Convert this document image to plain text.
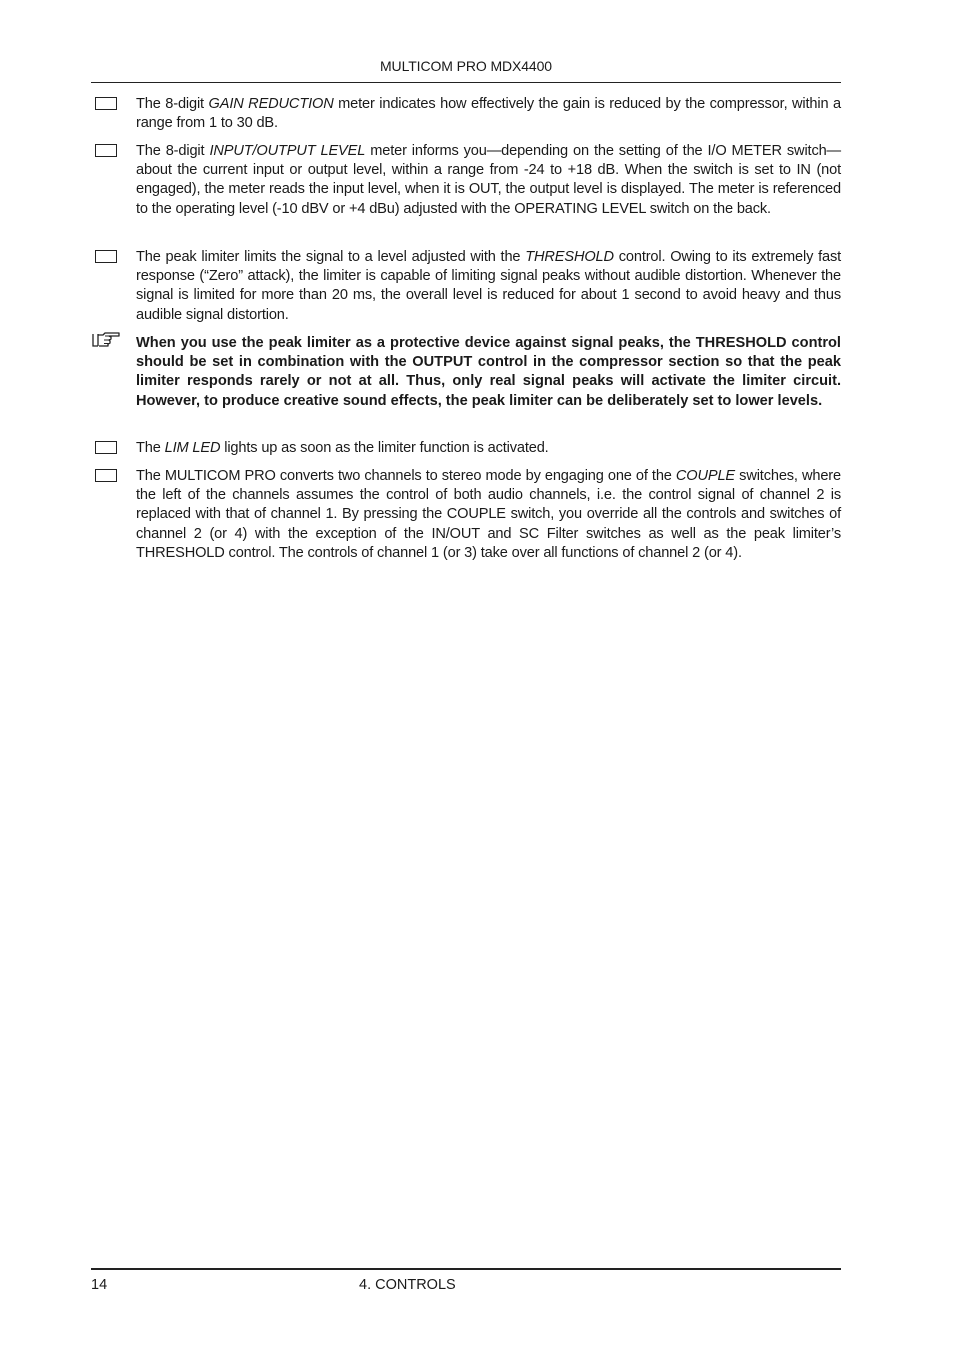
MULTICOM PRO MDX4400
The 8-digit GAIN REDUCTION meter indicates how effectively the gain is reduced by the compressor, within a range from 1 to 30 dB.
The 8-digit INPUT/OUTPUT LEVEL meter informs you—depending on the setting of the I/O METER switch—about the current input or output level, within a range from -24 to +18 dB. When the switch is set to IN (not engaged), the meter reads the input level, when it is OUT, the output level is displayed. The meter is referenced to the operating level (-10 dBV or +4 dBu) adjusted with the OPERATING LEVEL switch on the back.
The peak limiter limits the signal to a level adjusted with the THRESHOLD control. Owing to its extremely fast response (“Zero” attack), the limiter is capable of limiting signal peaks without audible distortion. Whenever the signal is limited for more than 20 ms, the overall level is reduced for about 1 second to avoid heavy and thus audible signal distortion.
When you use the peak limiter as a protective device against signal peaks, the THRESHOLD control should be set in combination with the OUTPUT control in the compressor section so that the peak limiter responds rarely or not at all. Thus, only real signal peaks will activate the limiter circuit. However, to produce creative sound effects, the peak limiter can be deliberately set to lower levels.
The LIM LED lights up as soon as the limiter function is activated.
The MULTICOM PRO converts two channels to stereo mode by engaging one of the COUPLE switches, where the left of the channels assumes the control of both audio channels, i.e. the control signal of channel 2 is replaced with that of channel 1. By pressing the COUPLE switch, you override all the controls and switches of channel 2 (or 4) with the exception of the IN/OUT and SC Filter switches as well as the peak limiter’s THRESHOLD control. The controls of channel 1 (or 3) take over all functions of channel 2 (or 4).
14	4. CONTROLS
